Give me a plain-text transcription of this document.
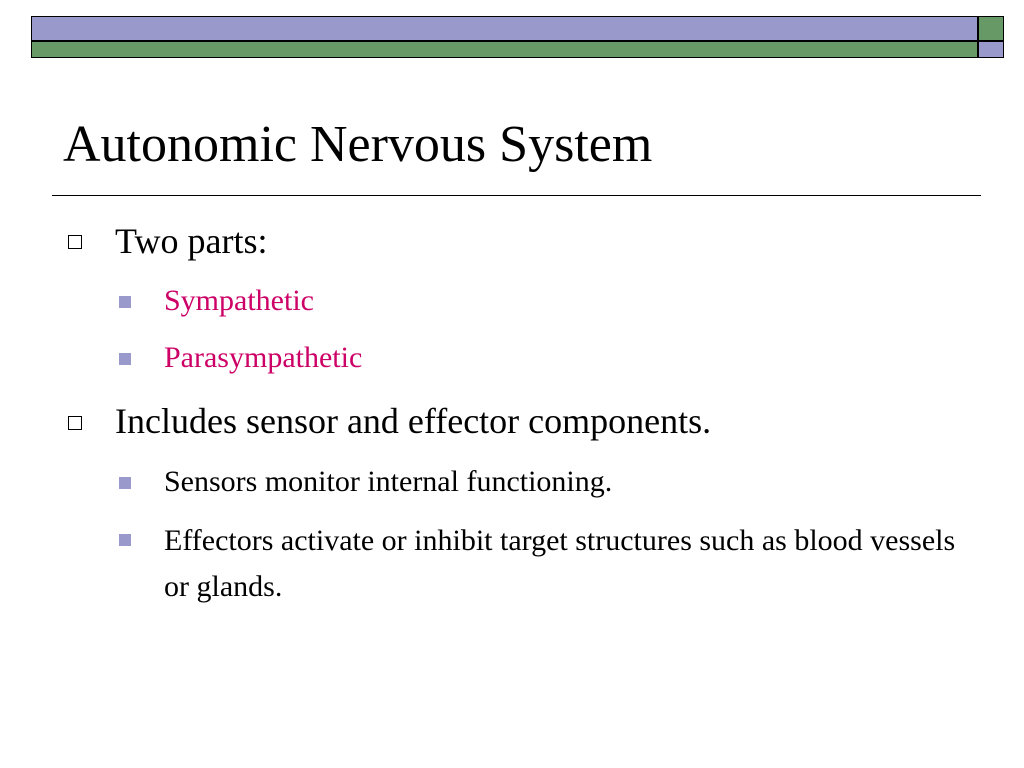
Autonomic Nervous System
Two parts:
Sympathetic
Parasympathetic
Includes sensor and effector components.
Sensors monitor internal functioning.
Effectors activate or inhibit target structures such as blood vessels or glands.
